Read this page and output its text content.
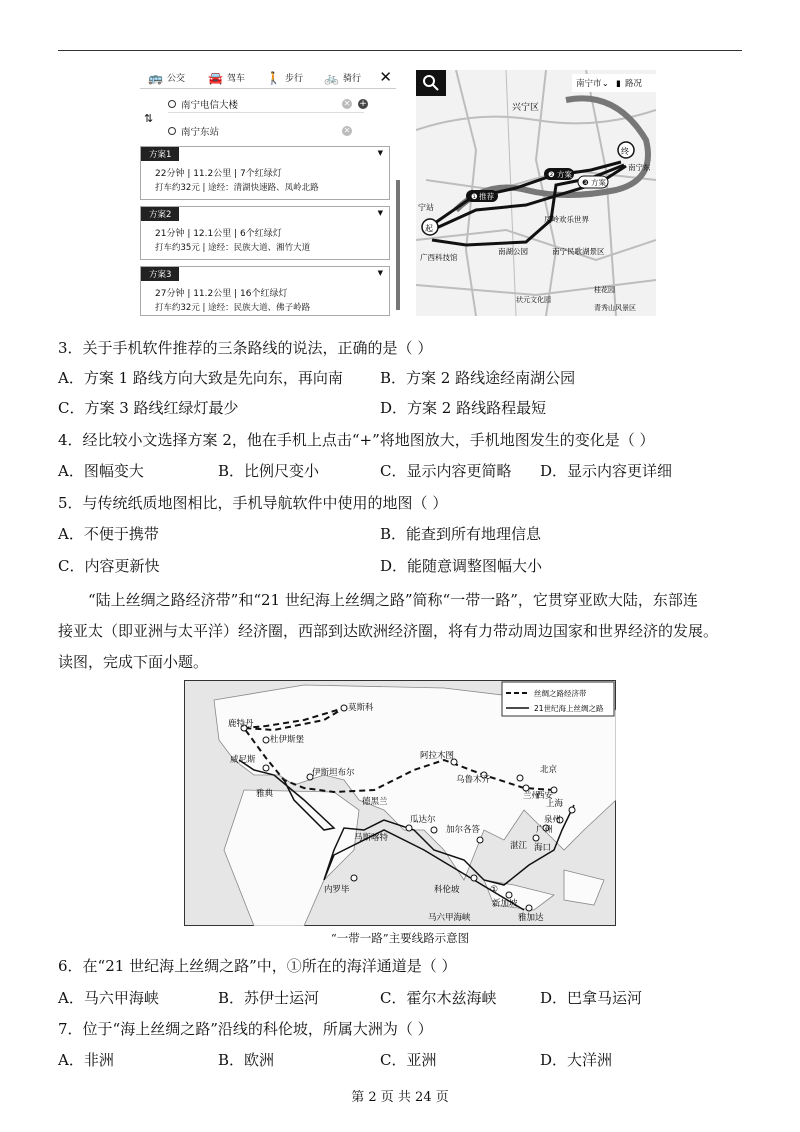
🚌 公交 🚘 驾车 🚶 步行 🚲 骑行 ✕
⇅
南宁电信大楼	✕ +
南宁东站	✕
方案1	▼
22分钟 | 11.2公里 | 7个红绿灯
打车约32元 | 途经：清湖快速路、凤岭北路
方案2	▼
21分钟 | 12.1公里 | 6个红绿灯
打车约35元 | 途经：民族大道、湘竹大道
方案3	▼
27分钟 | 11.2公里 | 16个红绿灯
打车约32元 | 途经：民族大道、佛子岭路
南宁市 ⌄ ▮ 路况
兴宁区
宁站
起
终
南宁东
❶ 推荐
❷ 方案
❸ 方案
广西科技馆
南湖公园	南宁民歌湖景区
凤岭欢乐世界
状元文化园
桂花园
青秀山风景区
3．关于手机软件推荐的三条路线的说法，正确的是（ ）
A．方案 1 路线方向大致是先向东，再向南 B．方案 2 路线途经南湖公园
C．方案 3 路线红绿灯最少	D．方案 2 路线路程最短
4．经比较小文选择方案 2，他在手机上点击“+”将地图放大，手机地图发生的变化是（ ）
A．图幅变大	B．比例尺变小	C．显示内容更简略 D．显示内容更详细
5．与传统纸质地图相比，手机导航软件中使用的地图（ ）
A．不便于携带	B．能查到所有地理信息
C．内容更新快	D．能随意调整图幅大小
“陆上丝绸之路经济带”和“21 世纪海上丝绸之路”简称“一带一路”，它贯穿亚欧大陆，东部连
接亚太（即亚洲与太平洋）经济圈，西部到达欧洲经济圈，将有力带动周边国家和世界经济的发展。
读图，完成下面小题。
丝绸之路经济带
21世纪海上丝绸之路
莫斯科
鹿特丹
杜伊斯堡
威尼斯
伊斯坦布尔
雅典
德黑兰
阿拉木图
乌鲁木齐
北京
兰州
西安
上海
泉州
广州
湛江 海口
瓜达尔
马斯喀特
加尔各答
科伦坡
内罗毕
新加坡
雅加达
马六甲海峡
①
“一带一路”主要线路示意图
6．在“21 世纪海上丝绸之路”中，①所在的海洋通道是（ ）
A．马六甲海峡	B．苏伊士运河	C．霍尔木兹海峡	D．巴拿马运河
7．位于“海上丝绸之路”沿线的科伦坡，所属大洲为（ ）
A．非洲	B．欧洲	C．亚洲	D．大洋洲
第 2 页 共 24 页
